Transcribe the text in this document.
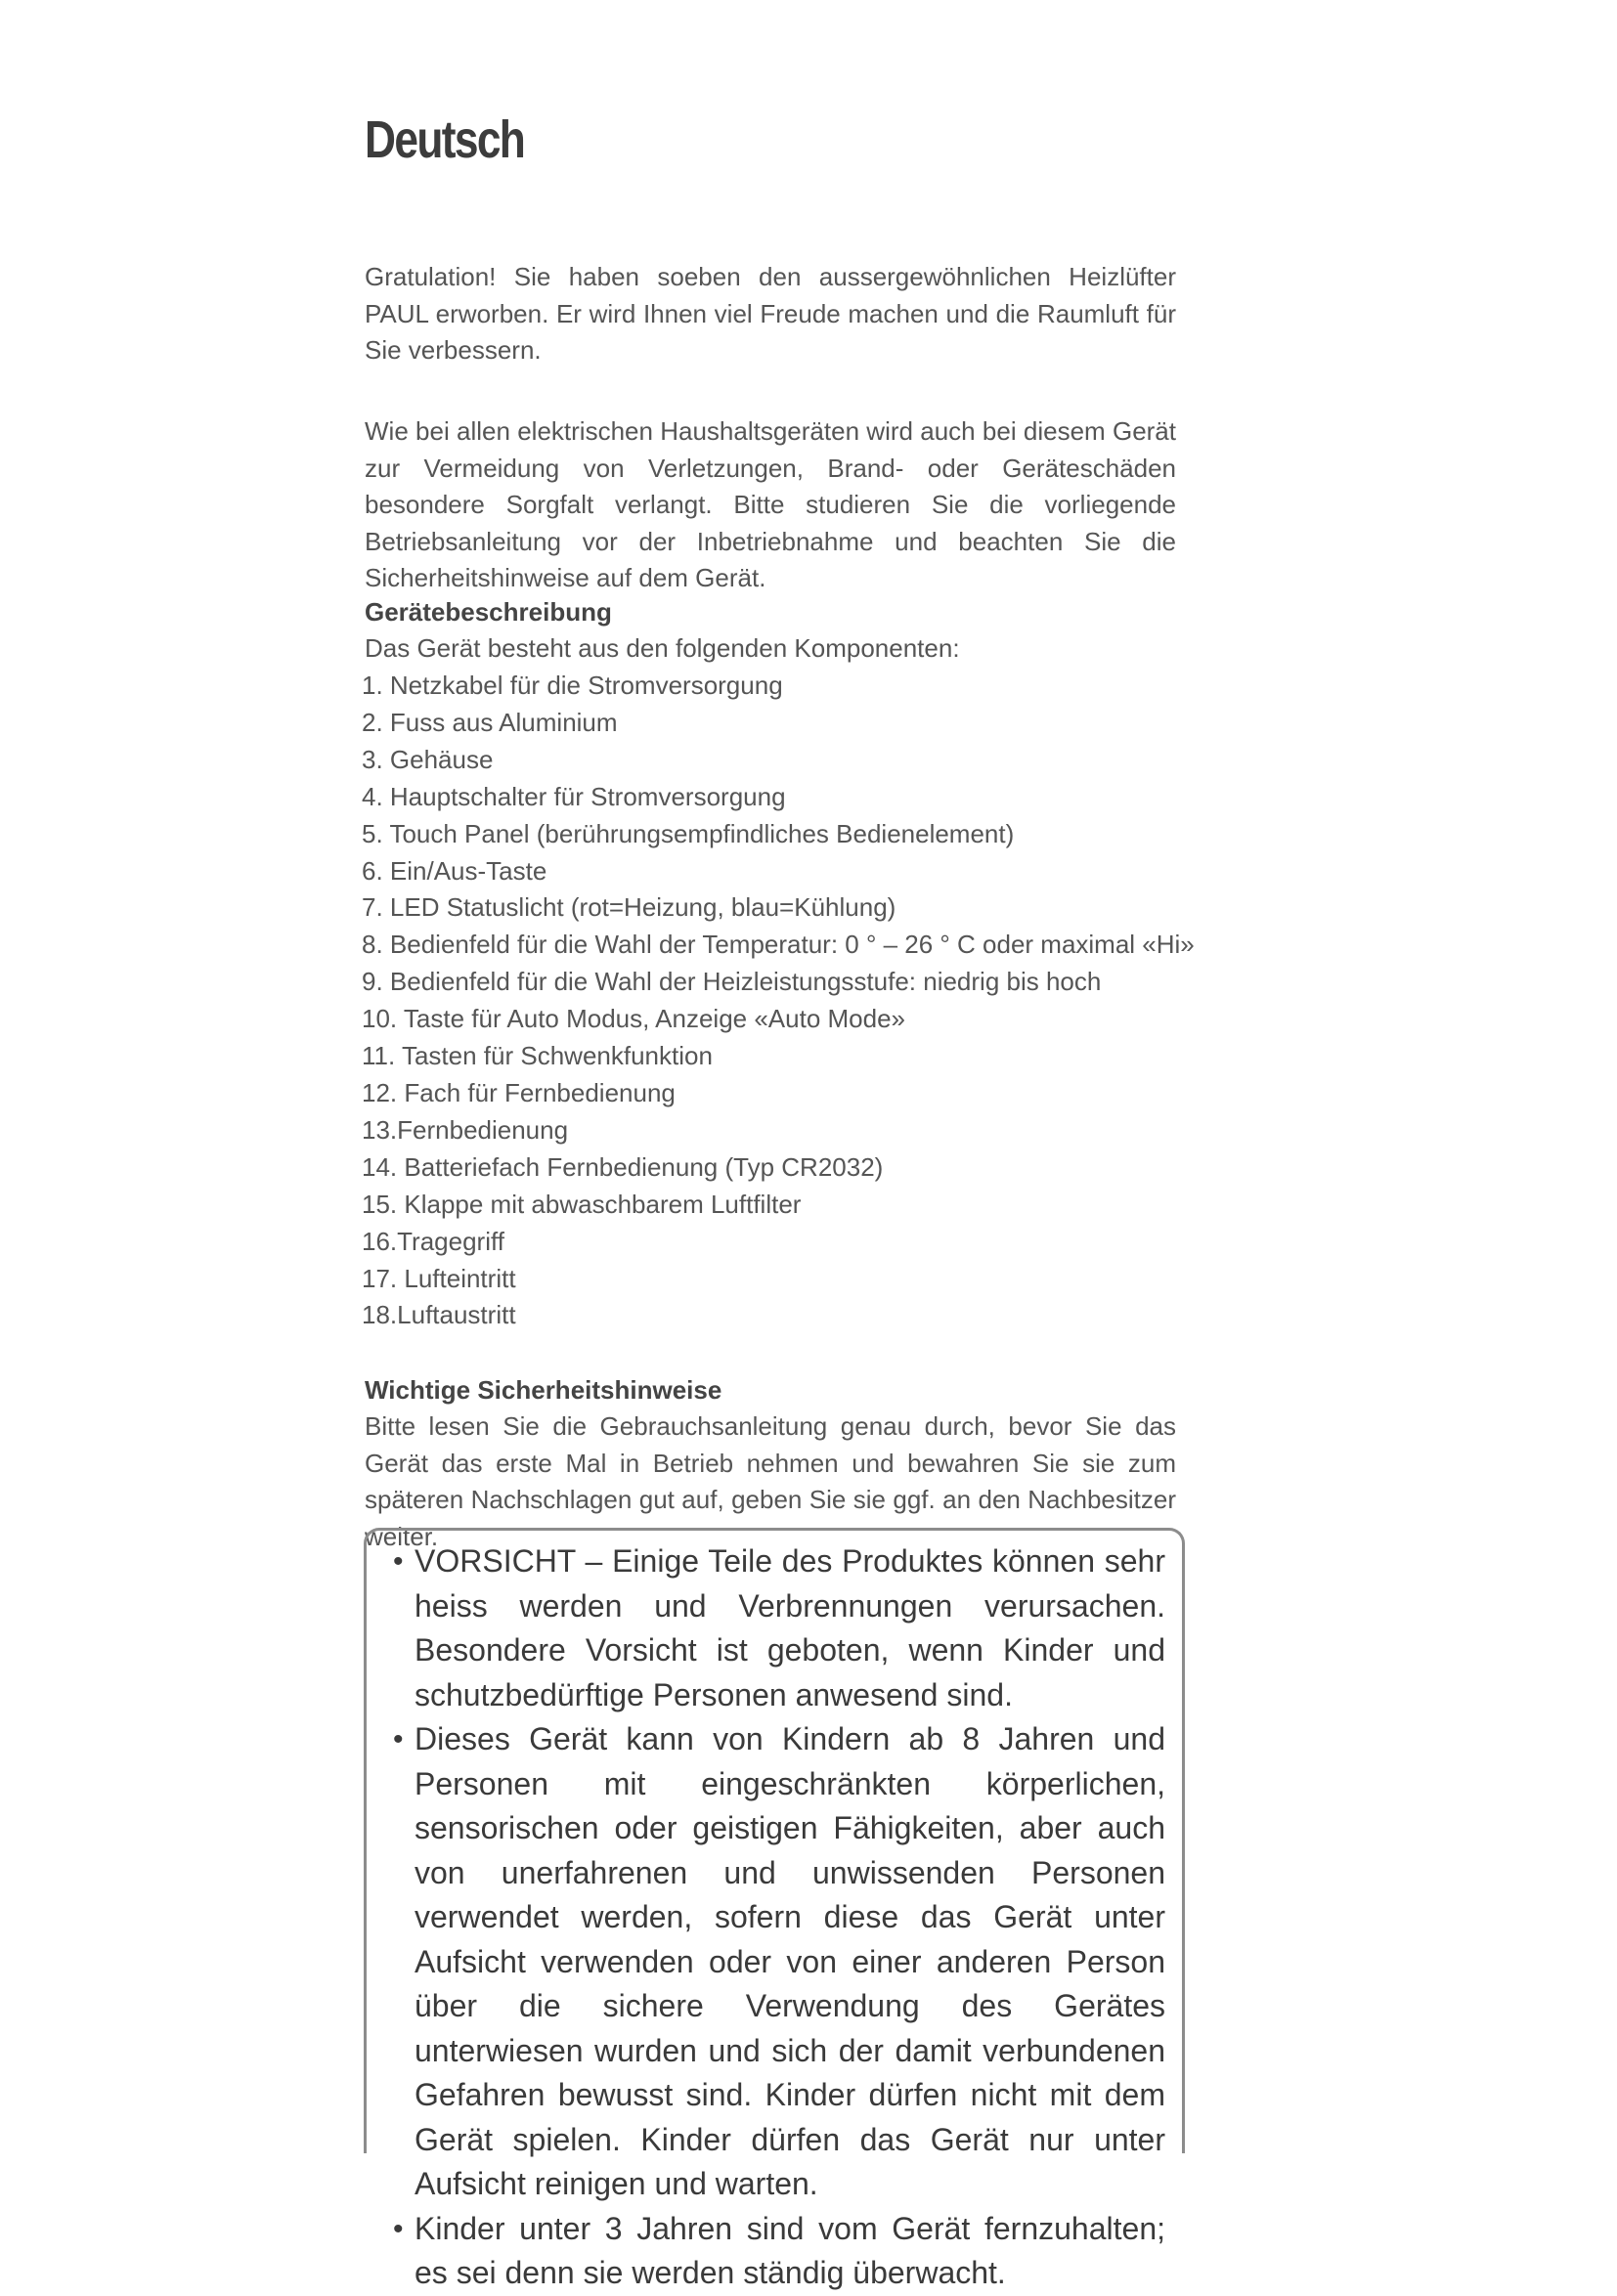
Deutsch

Gratulation! Sie haben soeben den aussergewöhnlichen Heizlüfter PAUL erworben. Er wird Ihnen viel Freude machen und die Raumluft für Sie verbessern.

Wie bei allen elektrischen Haushaltsgeräten wird auch bei diesem Gerät zur Vermeidung von Verletzungen, Brand- oder Geräteschäden besondere Sorgfalt verlangt. Bitte studieren Sie die vorliegende Betriebsanleitung vor der Inbetriebnahme und beachten Sie die Sicherheitshinweise auf dem Gerät.

Gerätebeschreibung

Das Gerät besteht aus den folgenden Komponenten:

1. Netzkabel für die Stromversorgung
2. Fuss aus Aluminium
3. Gehäuse
4. Hauptschalter für Stromversorgung
5. Touch Panel (berührungsempfindliches Bedienelement)
6. Ein/Aus-Taste
7. LED Statuslicht (rot=Heizung, blau=Kühlung)
8. Bedienfeld für die Wahl der Temperatur: 0 ° – 26 ° C oder maximal «Hi»
9. Bedienfeld für die Wahl der Heizleistungsstufe: niedrig bis hoch
10. Taste für Auto Modus, Anzeige «Auto Mode»
11. Tasten für Schwenkfunktion
12. Fach für Fernbedienung
13.Fernbedienung
14. Batteriefach Fernbedienung (Typ CR2032)
15. Klappe mit abwaschbarem Luftfilter
16.Tragegriff
17. Lufteintritt
18.Luftaustritt
Wichtige Sicherheitshinweise

Bitte lesen Sie die Gebrauchsanleitung genau durch, bevor Sie das Gerät das erste Mal in Betrieb nehmen und bewahren Sie sie zum späteren Nachschlagen gut auf, geben Sie sie ggf. an den Nachbesitzer weiter.

• VORSICHT – Einige Teile des Produktes können sehr heiss werden und Verbrennungen verursachen. Besondere Vorsicht ist geboten, wenn Kinder und schutzbedürftige Personen anwesend sind.
• Dieses Gerät kann von Kindern ab 8 Jahren und Personen mit eingeschränkten körperlichen, sensorischen oder geistigen Fähigkeiten, aber auch von unerfahrenen und unwissenden Personen verwendet werden, sofern diese das Gerät unter Aufsicht verwenden oder von einer anderen Person über die sichere Verwendung des Gerätes unterwiesen wurden und sich der damit verbundenen Gefahren bewusst sind. Kinder dürfen nicht mit dem Gerät spielen. Kinder dürfen das Gerät nur unter Aufsicht reinigen und warten.
• Kinder unter 3 Jahren sind vom Gerät fernzuhalten; es sei denn sie werden ständig überwacht.
